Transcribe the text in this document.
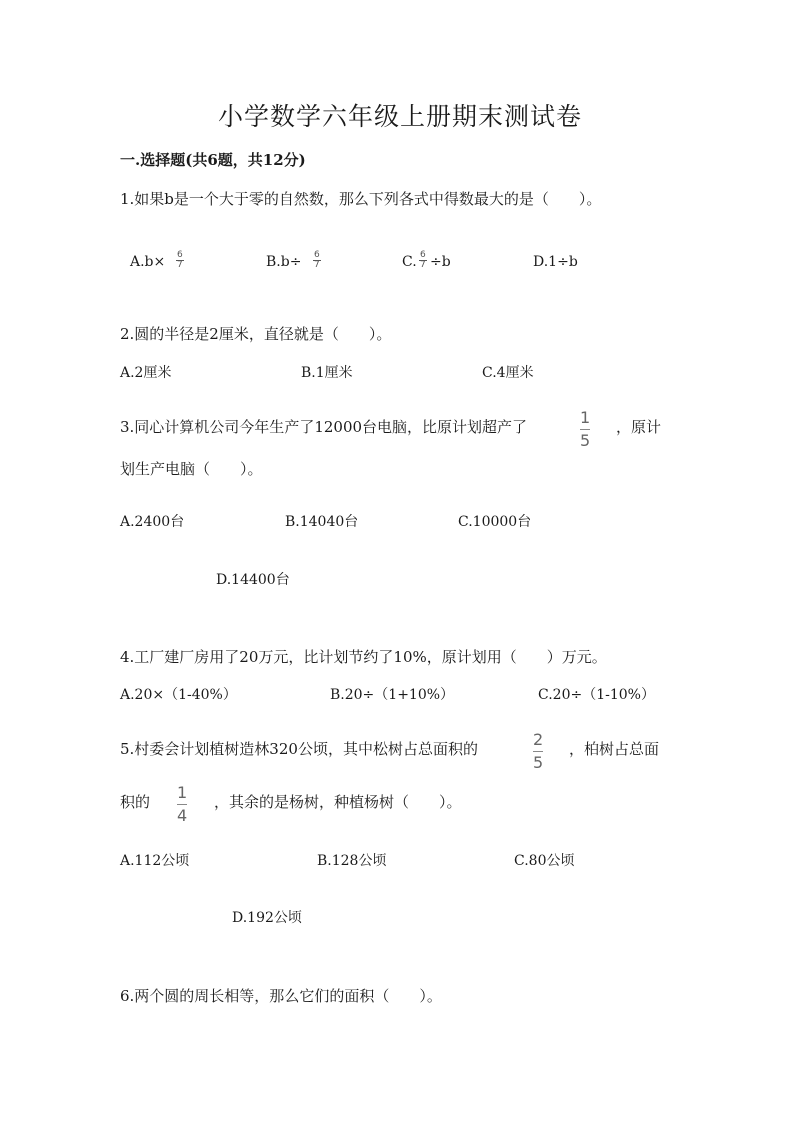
小学数学六年级上册期末测试卷
一.选择题(共6题，共12分)
1.如果b是一个大于零的自然数，那么下列各式中得数最大的是（　　）。
A.b× 6
7	B.b÷ 6
7	C. 6
7 ÷b	D.1÷b
2.圆的半径是2厘米，直径就是（　　）。
A.2厘米	B.1厘米	C.4厘米
3.同心计算机公司今年生产了12000台电脑，比原计划超产了	1
5
，原计
划生产电脑（　　）。
A.2400台	B.14040台	C.10000台
D.14400台
4.工厂建厂房用了20万元，比计划节约了10%，原计划用（　　）万元。
A.20×（1-40%）	B.20÷（1+10%）	C.20÷（1-10%）
5.村委会计划植树造林320公顷，其中松树占总面积的	2
5
，柏树占总面
积的 1
4
，其余的是杨树，种植杨树（　　）。
A.112公顷	B.128公顷	C.80公顷
D.192公顷
6.两个圆的周长相等，那么它们的面积（　　）。
